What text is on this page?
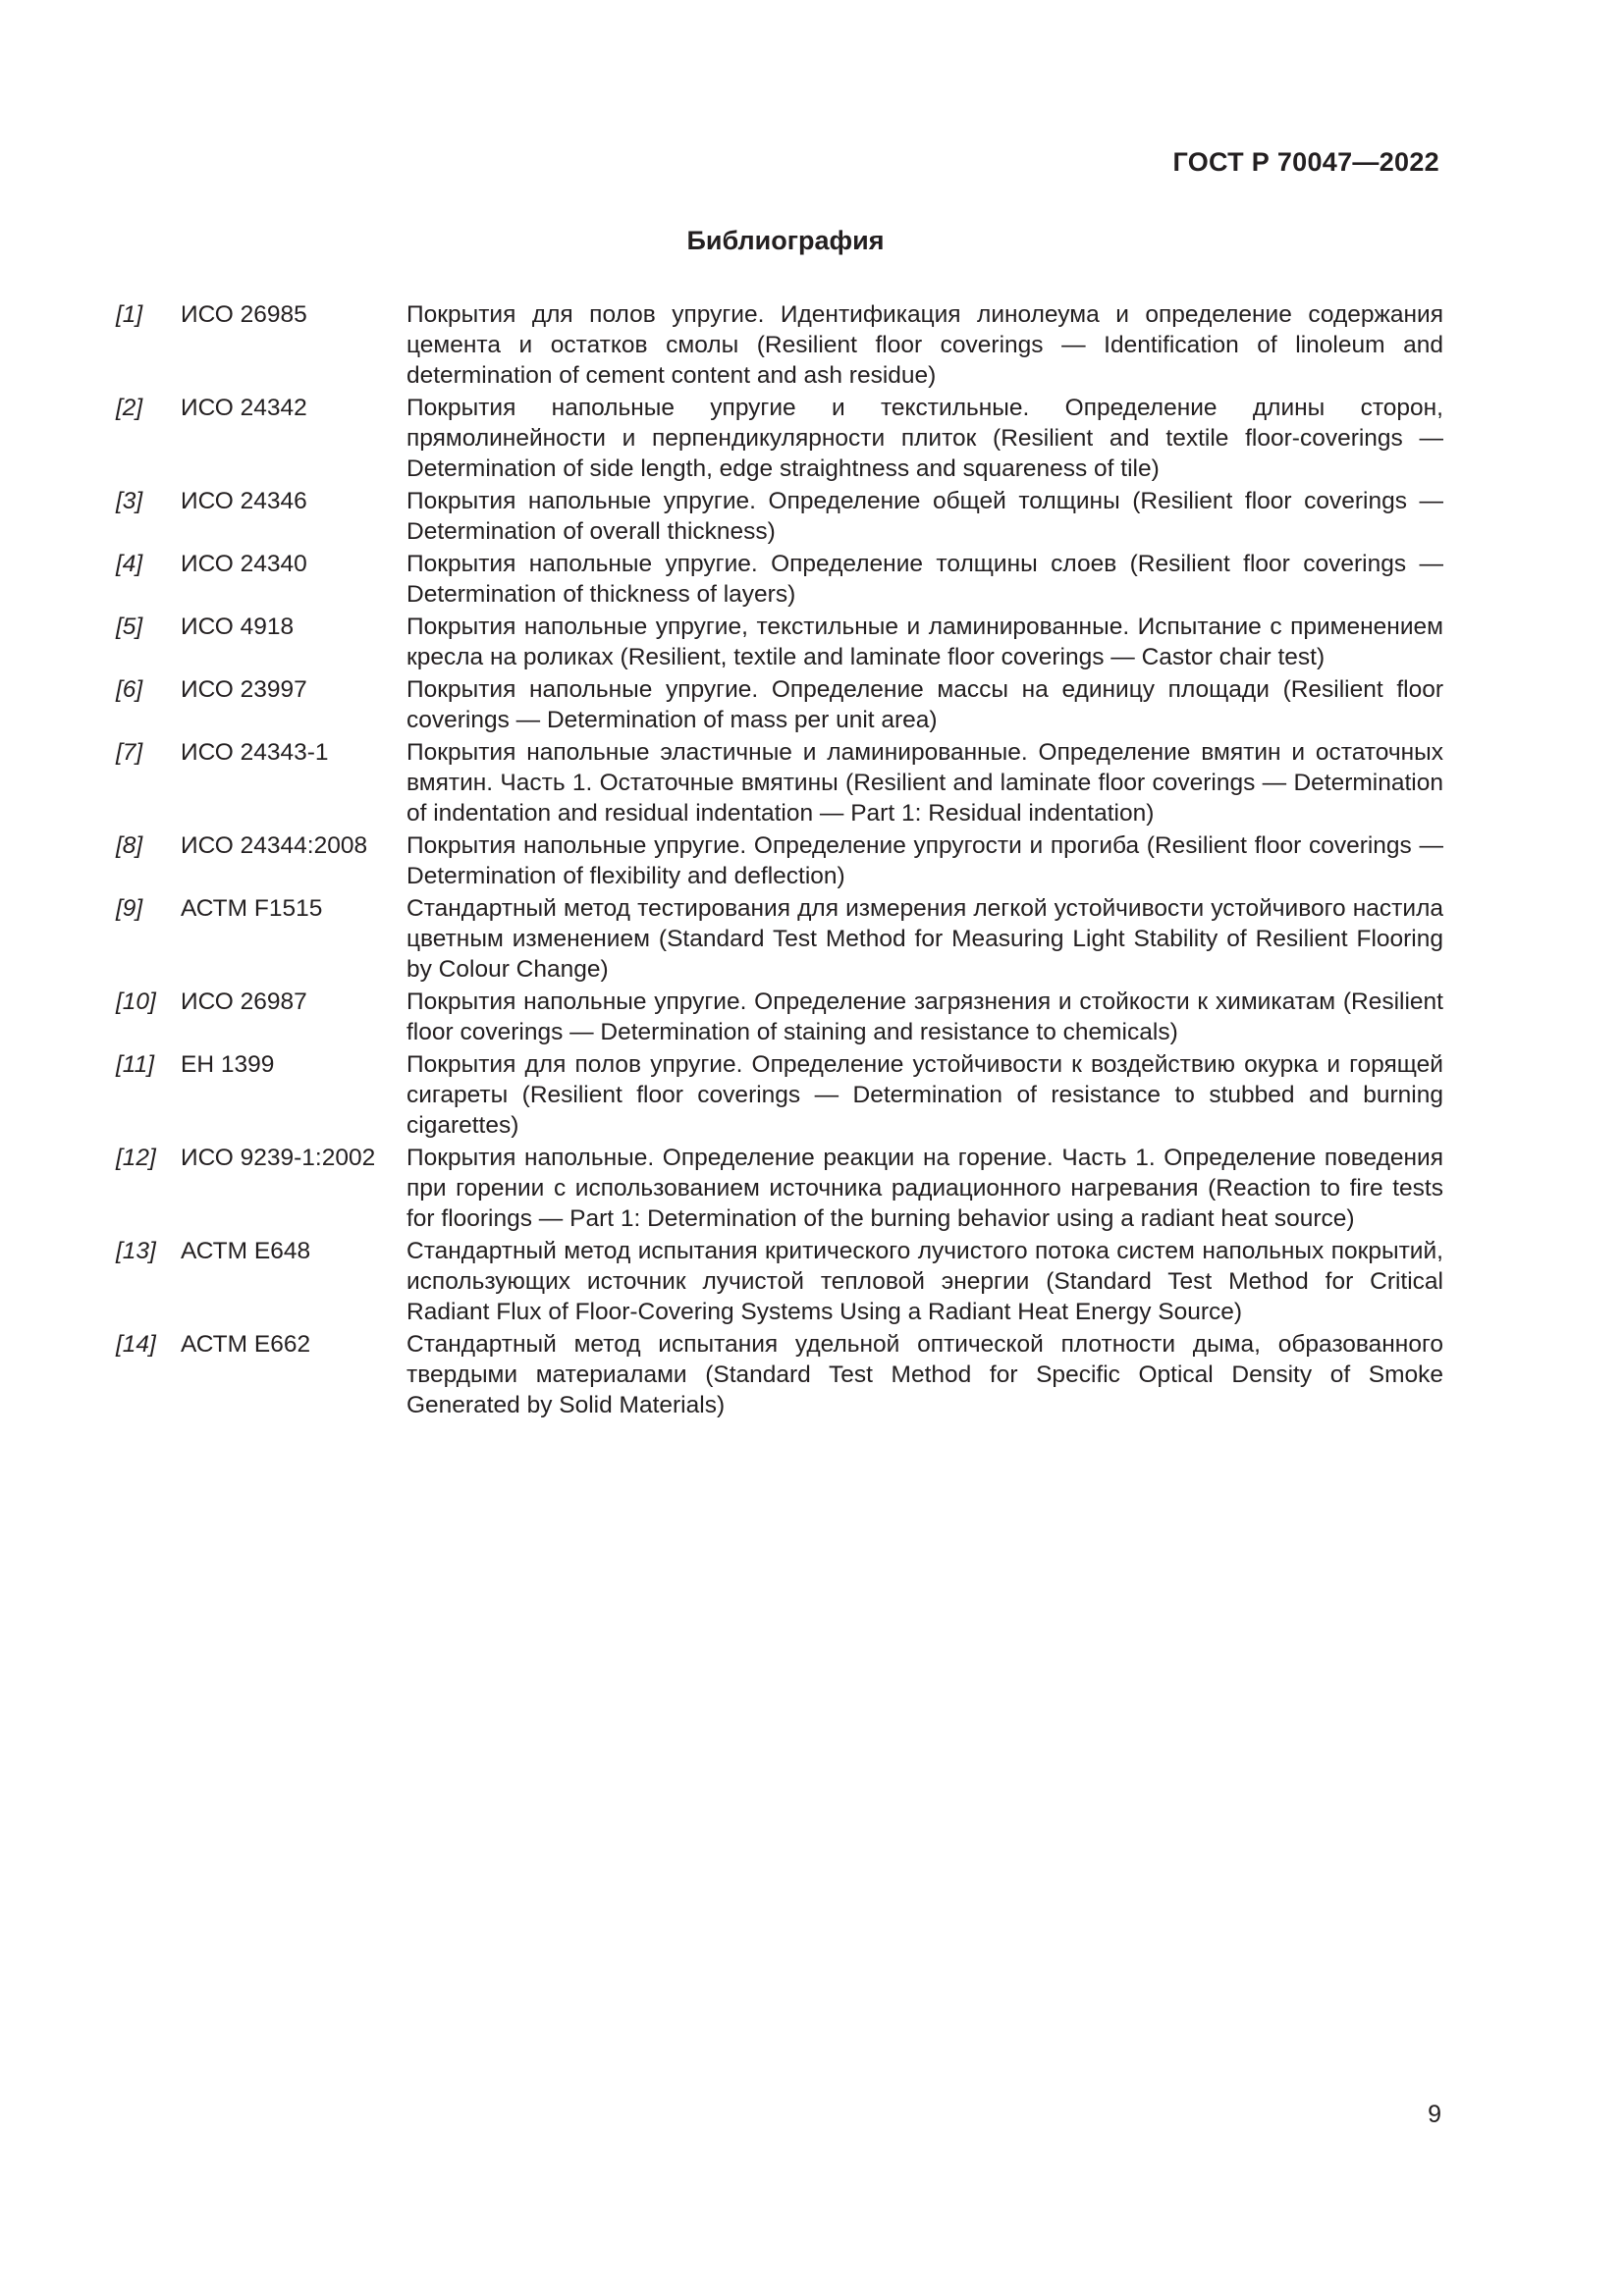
ГОСТ Р 70047—2022
Библиография
[1]	ИСО 26985	Покрытия для полов упругие. Идентификация линолеума и определение содержания цемента и остатков смолы (Resilient floor coverings — Identification of linoleum and determination of cement content and ash residue)
[2]	ИСО 24342	Покрытия напольные упругие и текстильные. Определение длины сторон, прямолинейности и перпендикулярности плиток (Resilient and textile floor-coverings — Determination of side length, edge straightness and squareness of tile)
[3]	ИСО 24346	Покрытия напольные упругие. Определение общей толщины (Resilient floor coverings — Determination of overall thickness)
[4]	ИСО 24340	Покрытия напольные упругие. Определение толщины слоев (Resilient floor coverings — Determination of thickness of layers)
[5]	ИСО 4918	Покрытия напольные упругие, текстильные и ламинированные. Испытание с применением кресла на роликах (Resilient, textile and laminate floor coverings — Castor chair test)
[6]	ИСО 23997	Покрытия напольные упругие. Определение массы на единицу площади (Resilient floor coverings — Determination of mass per unit area)
[7]	ИСО 24343-1	Покрытия напольные эластичные и ламинированные. Определение вмятин и остаточных вмятин. Часть 1. Остаточные вмятины (Resilient and laminate floor coverings — Determination of indentation and residual indentation — Part 1: Residual indentation)
[8]	ИСО 24344:2008	Покрытия напольные упругие. Определение упругости и прогиба (Resilient floor coverings — Determination of flexibility and deflection)
[9]	АСТМ F1515	Стандартный метод тестирования для измерения легкой устойчивости устойчивого настила цветным изменением (Standard Test Method for Measuring Light Stability of Resilient Flooring by Colour Change)
[10]	ИСО 26987	Покрытия напольные упругие. Определение загрязнения и стойкости к химикатам (Resilient floor coverings — Determination of staining and resistance to chemicals)
[11]	ЕН 1399	Покрытия для полов упругие. Определение устойчивости к воздействию окурка и горящей сигареты (Resilient floor coverings — Determination of resistance to stubbed and burning cigarettes)
[12]	ИСО 9239-1:2002	Покрытия напольные. Определение реакции на горение. Часть 1. Определение поведения при горении с использованием источника радиационного нагревания (Reaction to fire tests for floorings — Part 1: Determination of the burning behavior using a radiant heat source)
[13]	АСТМ Е648	Стандартный метод испытания критического лучистого потока систем напольных покрытий, использующих источник лучистой тепловой энергии (Standard Test Method for Critical Radiant Flux of Floor-Covering Systems Using a Radiant Heat Energy Source)
[14]	АСТМ Е662	Стандартный метод испытания удельной оптической плотности дыма, образованного твердыми материалами (Standard Test Method for Specific Optical Density of Smoke Generated by Solid Materials)
9
